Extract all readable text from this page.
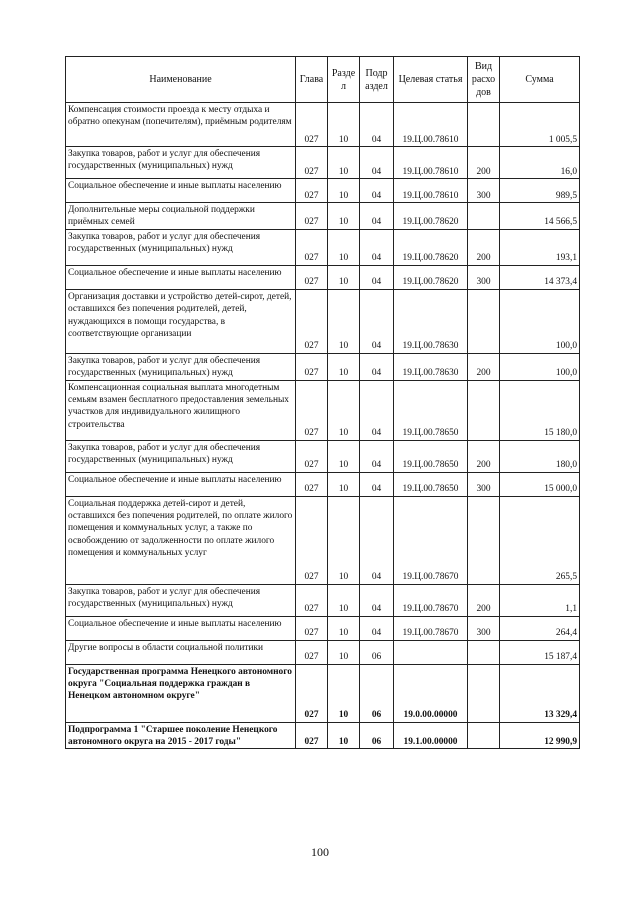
Наименование	Глава	Разде л	Подр аздел	Целевая статья	Вид расхо дов	Сумма
Компенсация стоимости проезда к месту отдыха и обратно опекунам (попечителям), приёмным родителям	027	10	04	19.Ц.00.78610		1 005,5
Закупка товаров, работ и услуг для обеспечения государственных (муниципальных) нужд	027	10	04	19.Ц.00.78610	200	16,0
Социальное обеспечение и иные выплаты населению	027	10	04	19.Ц.00.78610	300	989,5
Дополнительные меры социальной поддержки приёмных семей	027	10	04	19.Ц.00.78620		14 566,5
Закупка товаров, работ и услуг для обеспечения государственных (муниципальных) нужд	027	10	04	19.Ц.00.78620	200	193,1
Социальное обеспечение и иные выплаты населению	027	10	04	19.Ц.00.78620	300	14 373,4
Организация доставки и устройство детей-сирот, детей, оставшихся без попечения родителей, детей, нуждающихся в помощи государства, в соответствующие организации	027	10	04	19.Ц.00.78630		100,0
Закупка товаров, работ и услуг для обеспечения государственных (муниципальных) нужд	027	10	04	19.Ц.00.78630	200	100,0
Компенсационная социальная выплата многодетным семьям взамен бесплатного предоставления земельных участков для индивидуального жилищного строительства	027	10	04	19.Ц.00.78650		15 180,0
Закупка товаров, работ и услуг для обеспечения государственных (муниципальных) нужд	027	10	04	19.Ц.00.78650	200	180,0
Социальное обеспечение и иные выплаты населению	027	10	04	19.Ц.00.78650	300	15 000,0
Социальная поддержка детей-сирот и детей, оставшихся без попечения родителей, по оплате жилого помещения и коммунальных услуг, а также по освобождению от задолженности по оплате жилого помещения и коммунальных услуг	027	10	04	19.Ц.00.78670		265,5
Закупка товаров, работ и услуг для обеспечения государственных (муниципальных) нужд	027	10	04	19.Ц.00.78670	200	1,1
Социальное обеспечение и иные выплаты населению	027	10	04	19.Ц.00.78670	300	264,4
Другие вопросы в области социальной политики	027	10	06			15 187,4
Государственная программа Ненецкого автономного округа "Социальная поддержка граждан в Ненецком автономном округе"	027	10	06	19.0.00.00000		13 329,4
Подпрограмма 1 "Старшее поколение Ненецкого автономного округа на 2015 - 2017 годы"	027	10	06	19.1.00.00000		12 990,9
100
